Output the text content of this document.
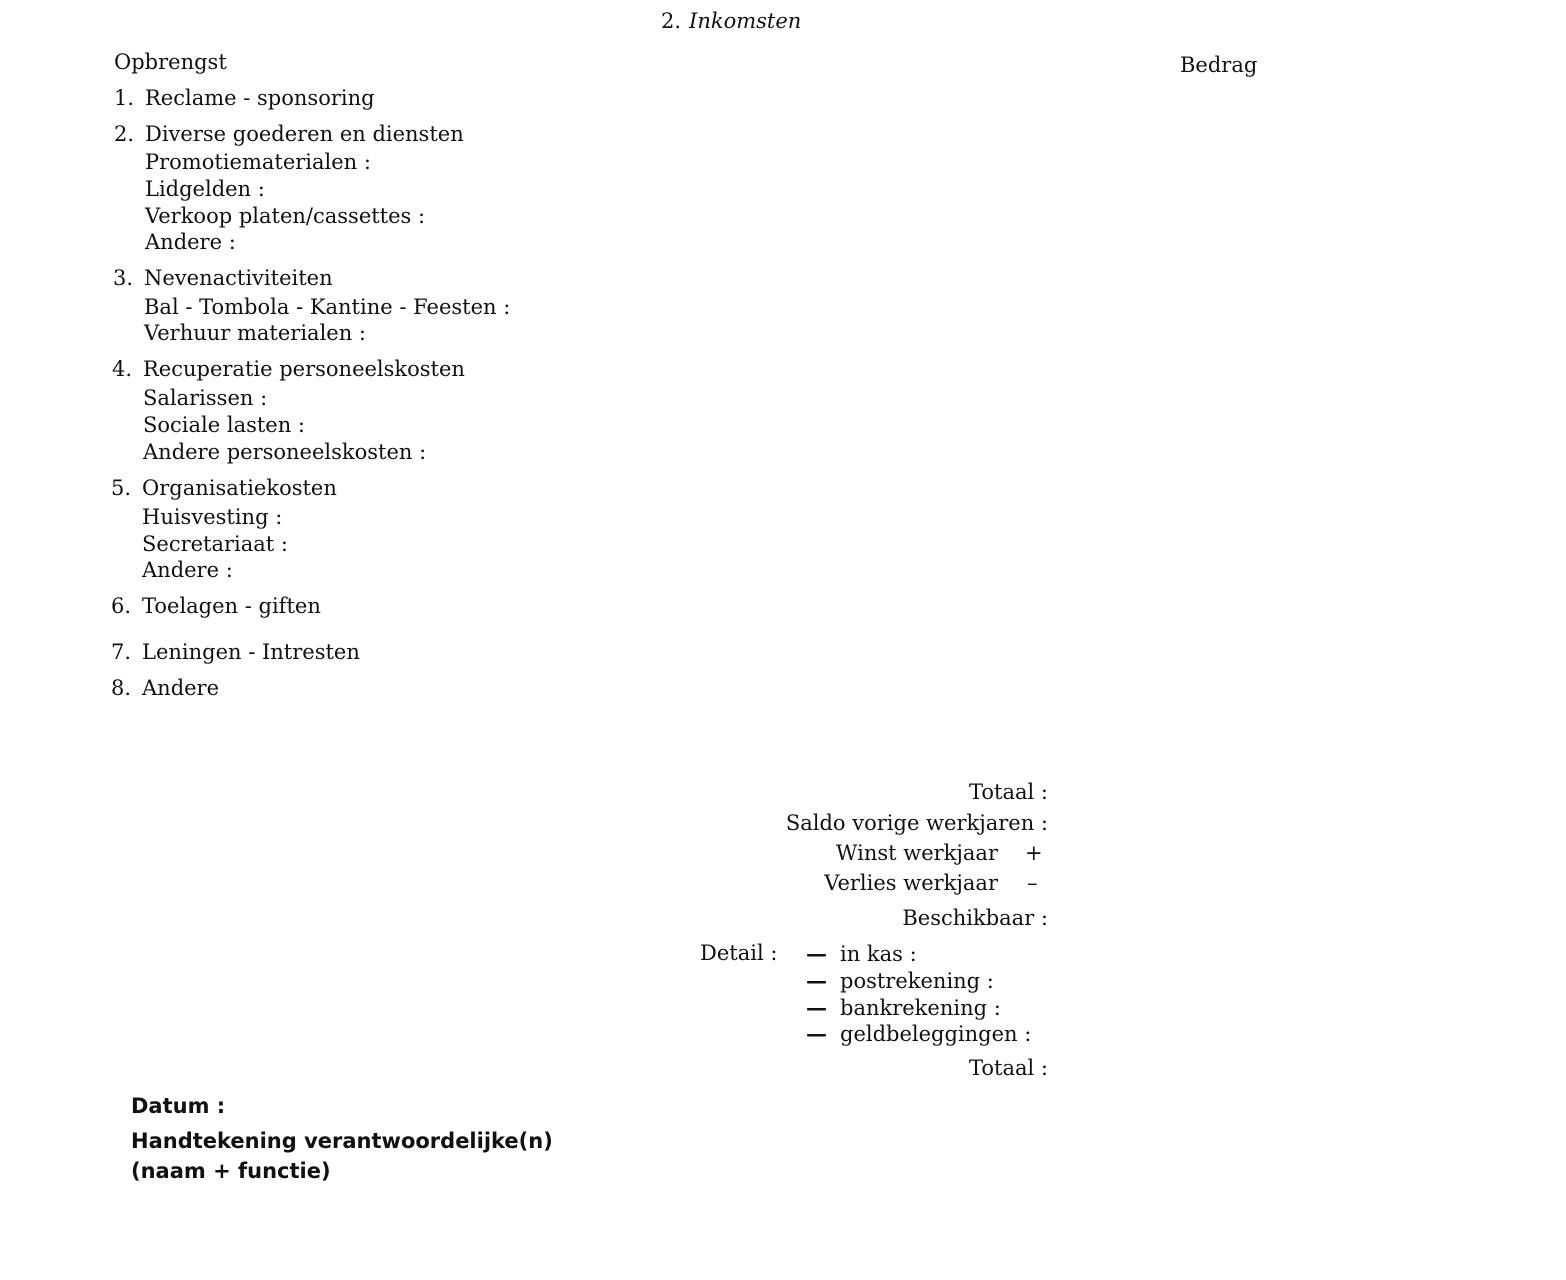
2. Inkomsten
Opbrengst	Bedrag
1. Reclame - sponsoring
2. Diverse goederen en diensten
Promotiematerialen :
Lidgelden :
Verkoop platen/cassettes :
Andere :
3. Nevenactiviteiten
Bal - Tombola - Kantine - Feesten :
Verhuur materialen :
4. Recuperatie personeelskosten
Salarissen :
Sociale lasten :
Andere personeelskosten :
5. Organisatiekosten
Huisvesting :
Secretariaat :
Andere :
6. Toelagen - giften
7. Leningen - Intresten
8. Andere
Totaal :
Saldo vorige werkjaren :
Winst werkjaar +
Verlies werkjaar –
Beschikbaar :
Detail : — in kas :
— postrekening :
— bankrekening :
— geldbeleggingen :
Totaal :
Datum :
Handtekening verantwoordelijke(n)
(naam + functie)
